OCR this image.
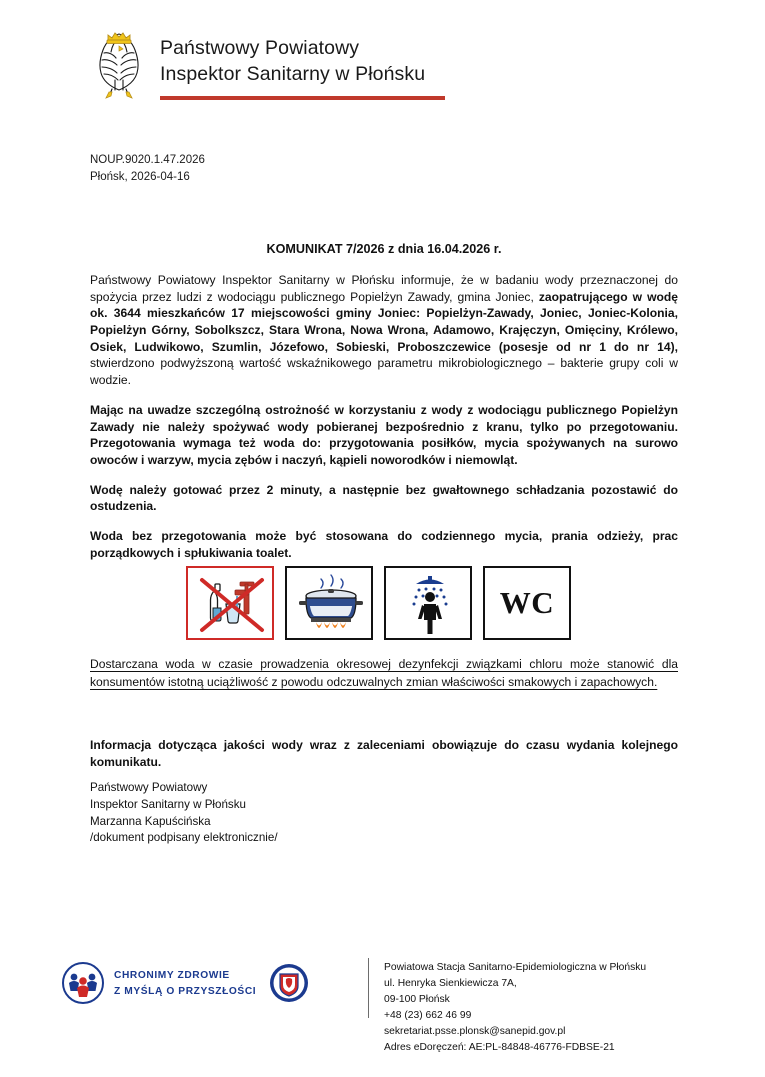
Państwowy Powiatowy
Inspektor Sanitarny w Płońsku
NOUP.9020.1.47.2026
Płońsk, 2026-04-16
KOMUNIKAT 7/2026 z dnia 16.04.2026 r.

Państwowy Powiatowy Inspektor Sanitarny w Płońsku informuje, że w badaniu wody przeznaczonej do spożycia przez ludzi z wodociągu publicznego Popielżyn Zawady, gmina Joniec, zaopatrującego w wodę ok. 3644 mieszkańców 17 miejscowości gminy Joniec: Popielżyn-Zawady, Joniec, Joniec-Kolonia, Popielżyn Górny, Sobolkszcz, Stara Wrona, Nowa Wrona, Adamowo, Krajęczyn, Omięciny, Królewo, Osiek, Ludwikowo, Szumlin, Józefowo, Sobieski, Proboszczewice (posesje od nr 1 do nr 14), stwierdzono podwyższoną wartość wskaźnikowego parametru mikrobiologicznego – bakterie grupy coli w wodzie.

Mając na uwadze szczególną ostrożność w korzystaniu z wody z wodociągu publicznego Popielżyn Zawady nie należy spożywać wody pobieranej bezpośrednio z kranu, tylko po przegotowaniu. Przegotowania wymaga też woda do: przygotowania posiłków, mycia spożywanych na surowo owoców i warzyw, mycia zębów i naczyń, kąpieli noworodków i niemowląt.

Wodę należy gotować przez 2 minuty, a następnie bez gwałtownego schładzania pozostawić do ostudzenia.

Woda bez przegotowania może być stosowana do codziennego mycia, prania odzieży, prac porządkowych i spłukiwania toalet.

WC
Dostarczana woda w czasie prowadzenia okresowej dezynfekcji związkami chloru może stanowić dla konsumentów istotną uciążliwość z powodu odczuwalnych zmian właściwości smakowych i zapachowych.
Informacja dotycząca jakości wody wraz z zaleceniami obowiązuje do czasu wydania kolejnego komunikatu.
Państwowy Powiatowy
Inspektor Sanitarny w Płońsku
Marzanna Kapuścińska
/dokument podpisany elektronicznie/
CHRONIMY ZDROWIE
Z MYŚLĄ O PRZYSZŁOŚCI
Powiatowa Stacja Sanitarno-Epidemiologiczna w Płońsku
ul. Henryka Sienkiewicza 7A,
09-100 Płońsk
+48 (23) 662 46 99
sekretariat.psse.plonsk@sanepid.gov.pl
Adres eDoręczeń: AE:PL-84848-46776-FDBSE-21
